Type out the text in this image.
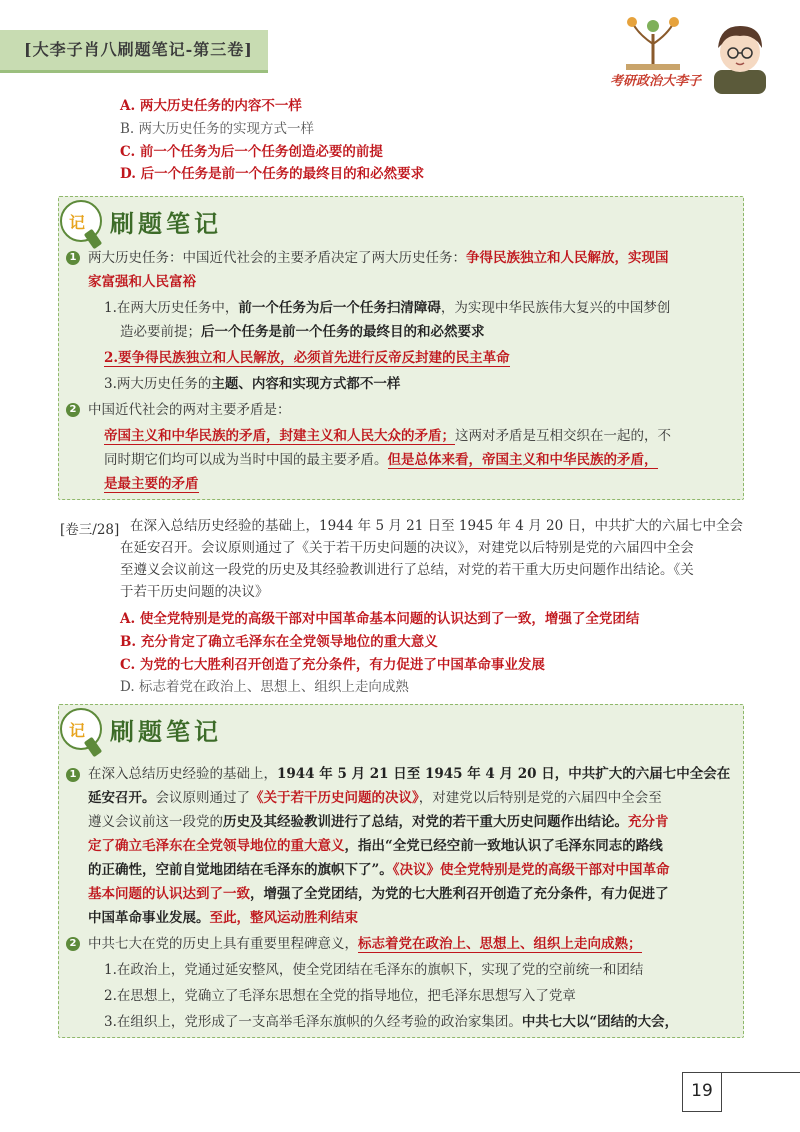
[大李子肖八刷题笔记-第三卷]
考研政治大李子
A. 两大历史任务的内容不一样
B. 两大历史任务的实现方式一样
C. 前一个任务为后一个任务创造必要的前提
D. 后一个任务是前一个任务的最终目的和必然要求
记 刷题笔记
1 两大历史任务：中国近代社会的主要矛盾决定了两大历史任务：争得民族独立和人民解放，实现国
家富强和人民富裕
1.在两大历史任务中，前一个任务为后一个任务扫清障碍，为实现中华民族伟大复兴的中国梦创
造必要前提；后一个任务是前一个任务的最终目的和必然要求
2.要争得民族独立和人民解放，必须首先进行反帝反封建的民主革命
3.两大历史任务的主题、内容和实现方式都不一样
2 中国近代社会的两对主要矛盾是：
帝国主义和中华民族的矛盾，封建主义和人民大众的矛盾；这两对矛盾是互相交织在一起的，不
同时期它们均可以成为当时中国的最主要矛盾。但是总体来看，帝国主义和中华民族的矛盾，
是最主要的矛盾
[卷三/28] 在深入总结历史经验的基础上，1944 年 5 月 21 日至 1945 年 4 月 20 日，中共扩大的六届七中全会
在延安召开。会议原则通过了《关于若干历史问题的决议》，对建党以后特别是党的六届四中全会
至遵义会议前这一段党的历史及其经验教训进行了总结，对党的若干重大历史问题作出结论。《关
于若干历史问题的决议》
A. 使全党特别是党的高级干部对中国革命基本问题的认识达到了一致，增强了全党团结
B. 充分肯定了确立毛泽东在全党领导地位的重大意义
C. 为党的七大胜利召开创造了充分条件，有力促进了中国革命事业发展
D. 标志着党在政治上、思想上、组织上走向成熟
记 刷题笔记
1 在深入总结历史经验的基础上，1944 年 5 月 21 日至 1945 年 4 月 20 日，中共扩大的六届七中全会在
延安召开。会议原则通过了《关于若干历史问题的决议》，对建党以后特别是党的六届四中全会至
遵义会议前这一段党的历史及其经验教训进行了总结，对党的若干重大历史问题作出结论。充分肯
定了确立毛泽东在全党领导地位的重大意义，指出“全党已经空前一致地认识了毛泽东同志的路线
的正确性，空前自觉地团结在毛泽东的旗帜下了”。《决议》使全党特别是党的高级干部对中国革命
基本问题的认识达到了一致，增强了全党团结，为党的七大胜利召开创造了充分条件，有力促进了
中国革命事业发展。至此，整风运动胜利结束
2 中共七大在党的历史上具有重要里程碑意义，标志着党在政治上、思想上、组织上走向成熟；
1.在政治上，党通过延安整风，使全党团结在毛泽东的旗帜下，实现了党的空前统一和团结
2.在思想上，党确立了毛泽东思想在全党的指导地位，把毛泽东思想写入了党章
3.在组织上，党形成了一支高举毛泽东旗帜的久经考验的政治家集团。中共七大以“团结的大会，
19
